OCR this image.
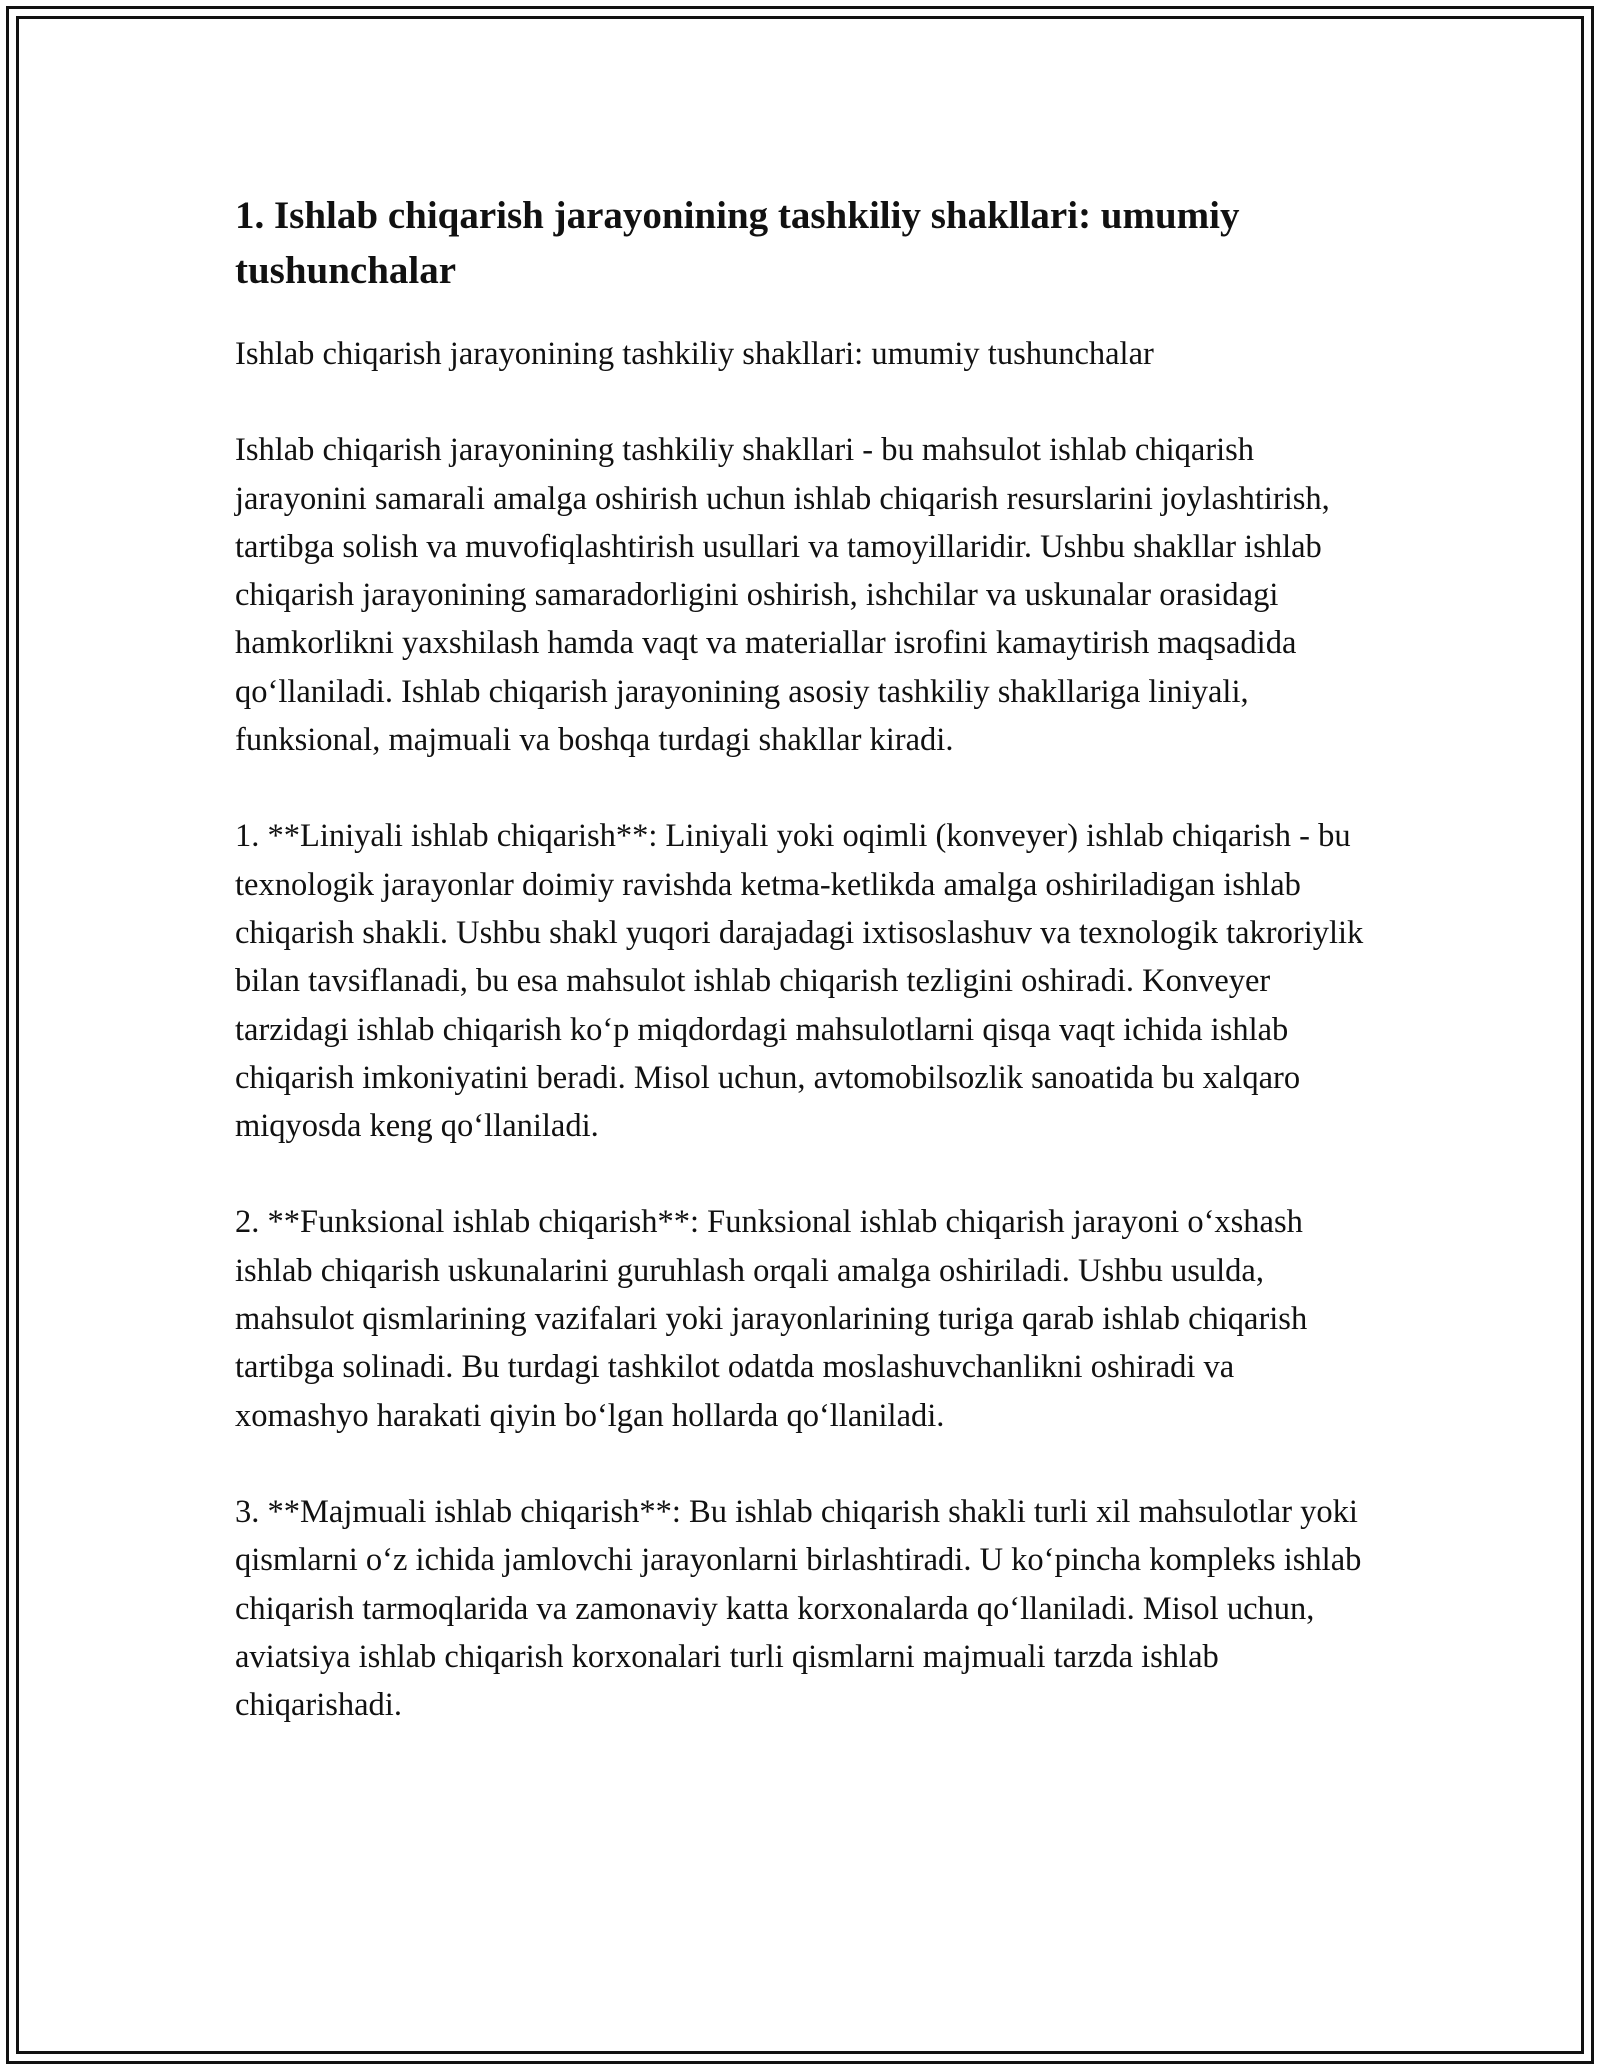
1. Ishlab chiqarish jarayonining tashkiliy shakllari: umumiy tushunchalar

Ishlab chiqarish jarayonining tashkiliy shakllari: umumiy tushunchalar

Ishlab chiqarish jarayonining tashkiliy shakllari - bu mahsulot ishlab chiqarish jarayonini samarali amalga oshirish uchun ishlab chiqarish resurslarini joylashtirish, tartibga solish va muvofiqlashtirish usullari va tamoyillaridir. Ushbu shakllar ishlab chiqarish jarayonining samaradorligini oshirish, ishchilar va uskunalar orasidagi hamkorlikni yaxshilash hamda vaqt va materiallar isrofini kamaytirish maqsadida qo‘llaniladi. Ishlab chiqarish jarayonining asosiy tashkiliy shakllariga liniyali, funksional, majmuali va boshqa turdagi shakllar kiradi.

1. **Liniyali ishlab chiqarish**: Liniyali yoki oqimli (konveyer) ishlab chiqarish - bu texnologik jarayonlar doimiy ravishda ketma-ketlikda amalga oshiriladigan ishlab chiqarish shakli. Ushbu shakl yuqori darajadagi ixtisoslashuv va texnologik takroriylik bilan tavsiflanadi, bu esa mahsulot ishlab chiqarish tezligini oshiradi. Konveyer tarzidagi ishlab chiqarish ko‘p miqdordagi mahsulotlarni qisqa vaqt ichida ishlab chiqarish imkoniyatini beradi. Misol uchun, avtomobilsozlik sanoatida bu xalqaro miqyosda keng qo‘llaniladi.

2. **Funksional ishlab chiqarish**: Funksional ishlab chiqarish jarayoni o‘xshash ishlab chiqarish uskunalarini guruhlash orqali amalga oshiriladi. Ushbu usulda, mahsulot qismlarining vazifalari yoki jarayonlarining turiga qarab ishlab chiqarish tartibga solinadi. Bu turdagi tashkilot odatda moslashuvchanlikni oshiradi va xomashyo harakati qiyin bo‘lgan hollarda qo‘llaniladi.

3. **Majmuali ishlab chiqarish**: Bu ishlab chiqarish shakli turli xil mahsulotlar yoki qismlarni o‘z ichida jamlovchi jarayonlarni birlashtiradi. U ko‘pincha kompleks ishlab chiqarish tarmoqlarida va zamonaviy katta korxonalarda qo‘llaniladi. Misol uchun, aviatsiya ishlab chiqarish korxonalari turli qismlarni majmuali tarzda ishlab chiqarishadi.
